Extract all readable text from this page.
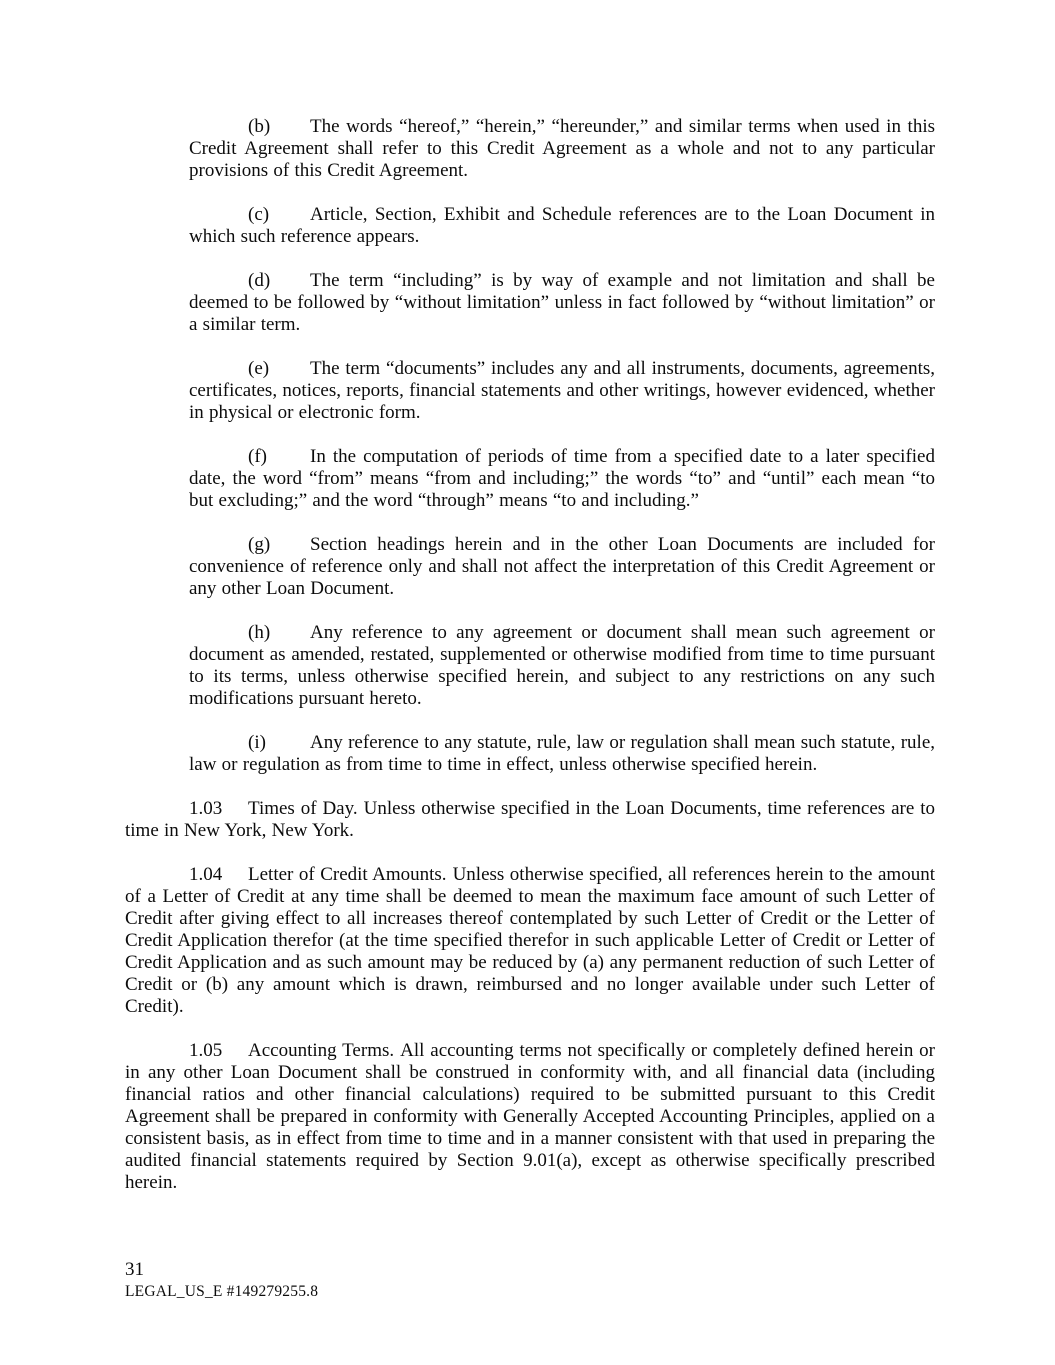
(b) The words “hereof,” “herein,” “hereunder,” and similar terms when used in this Credit Agreement shall refer to this Credit Agreement as a whole and not to any particular provisions of this Credit Agreement.

(c) Article, Section, Exhibit and Schedule references are to the Loan Document in which such reference appears.

(d) The term “including” is by way of example and not limitation and shall be deemed to be followed by “without limitation” unless in fact followed by “without limitation” or a similar term.

(e) The term “documents” includes any and all instruments, documents, agreements, certificates, notices, reports, financial statements and other writings, however evidenced, whether in physical or electronic form.

(f) In the computation of periods of time from a specified date to a later specified date, the word “from” means “from and including;” the words “to” and “until” each mean “to but excluding;” and the word “through” means “to and including.”

(g) Section headings herein and in the other Loan Documents are included for convenience of reference only and shall not affect the interpretation of this Credit Agreement or any other Loan Document.

(h) Any reference to any agreement or document shall mean such agreement or document as amended, restated, supplemented or otherwise modified from time to time pursuant to its terms, unless otherwise specified herein, and subject to any restrictions on any such modifications pursuant hereto.

(i) Any reference to any statute, rule, law or regulation shall mean such statute, rule, law or regulation as from time to time in effect, unless otherwise specified herein.

1.03 Times of Day. Unless otherwise specified in the Loan Documents, time references are to time in New York, New York.

1.04 Letter of Credit Amounts. Unless otherwise specified, all references herein to the amount of a Letter of Credit at any time shall be deemed to mean the maximum face amount of such Letter of Credit after giving effect to all increases thereof contemplated by such Letter of Credit or the Letter of Credit Application therefor (at the time specified therefor in such applicable Letter of Credit or Letter of Credit Application and as such amount may be reduced by (a) any permanent reduction of such Letter of Credit or (b) any amount which is drawn, reimbursed and no longer available under such Letter of Credit).

1.05 Accounting Terms. All accounting terms not specifically or completely defined herein or in any other Loan Document shall be construed in conformity with, and all financial data (including financial ratios and other financial calculations) required to be submitted pursuant to this Credit Agreement shall be prepared in conformity with Generally Accepted Accounting Principles, applied on a consistent basis, as in effect from time to time and in a manner consistent with that used in preparing the audited financial statements required by Section 9.01(a), except as otherwise specifically prescribed herein.

31
LEGAL_US_E #149279255.8
